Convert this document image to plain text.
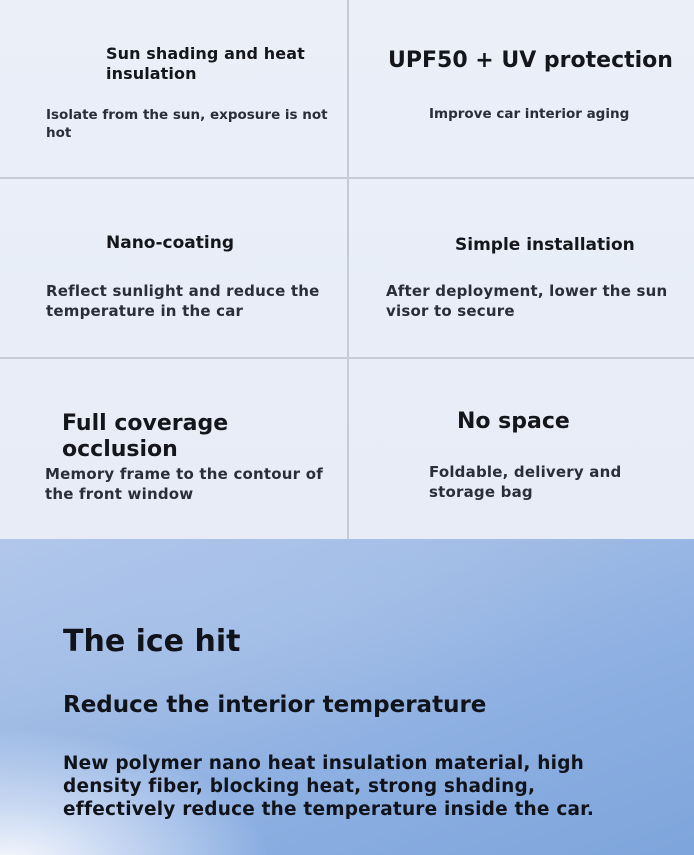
Sun shading and heat insulation

Isolate from the sun, exposure is not hot

UPF50 + UV protection

Improve car interior aging

Nano-coating

Reflect sunlight and reduce the temperature in the car

Simple installation

After deployment, lower the sun visor to secure

Full coverage occlusion

Memory frame to the contour of the front window

No space

Foldable, delivery and storage bag

The ice hit

Reduce the interior temperature

New polymer nano heat insulation material, high density fiber, blocking heat, strong shading, effectively reduce the temperature inside the car.
